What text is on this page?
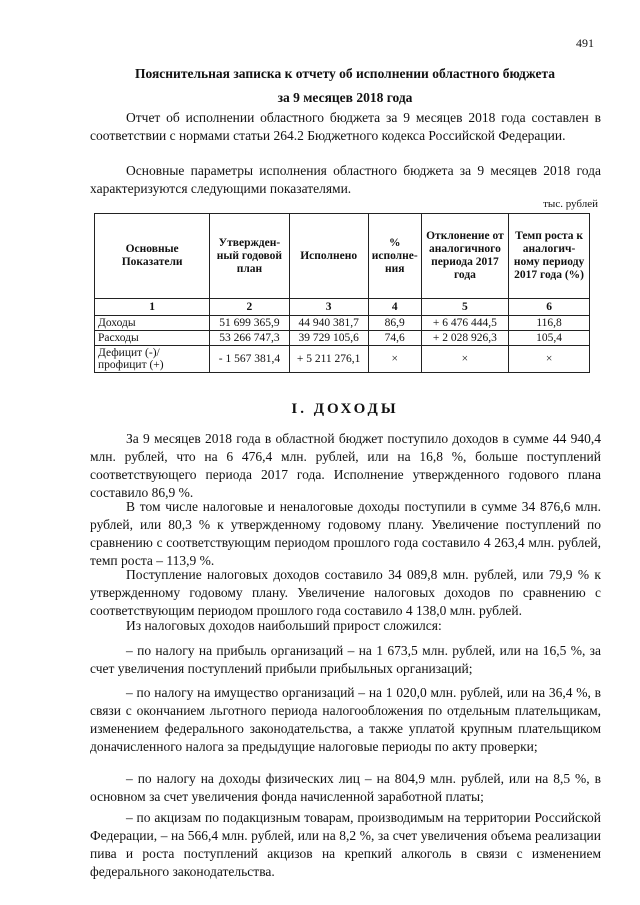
491
Пояснительная записка к отчету об исполнении областного бюджета
за 9 месяцев 2018 года

Отчет об исполнении областного бюджета за 9 месяцев 2018 года составлен в соответствии с нормами статьи 264.2 Бюджетного кодекса Российской Федерации.

Основные параметры исполнения областного бюджета за 9 месяцев 2018 года характеризуются следующими показателями.

тыс. рублей
Основные Показатели	Утвержден-ный годовой план	Исполнено	% исполне-ния	Отклонение от аналогичного периода 2017 года	Темп роста к аналогич-ному периоду 2017 года (%)
1	2	3	4	5	6
Доходы	51 699 365,9	44 940 381,7	86,9	+ 6 476 444,5	116,8
Расходы	53 266 747,3	39 729 105,6	74,6	+ 2 028 926,3	105,4
Дефицит (-)/ профицит (+)	- 1 567 381,4	+ 5 211 276,1	×	×	×
I. ДОХОДЫ

За 9 месяцев 2018 года в областной бюджет поступило доходов в сумме 44 940,4 млн. рублей, что на 6 476,4 млн. рублей, или на 16,8 %, больше поступлений соответствующего периода 2017 года. Исполнение утвержденного годового плана составило 86,9 %.

В том числе налоговые и неналоговые доходы поступили в сумме 34 876,6 млн. рублей, или 80,3 % к утвержденному годовому плану. Увеличение поступлений по сравнению с соответствующим периодом прошлого года составило 4 263,4 млн. рублей, темп роста – 113,9 %.

Поступление налоговых доходов составило 34 089,8 млн. рублей, или 79,9 % к утвержденному годовому плану. Увеличение налоговых доходов по сравнению с соответствующим периодом прошлого года составило 4 138,0 млн. рублей.

Из налоговых доходов наибольший прирост сложился:

– по налогу на прибыль организаций – на 1 673,5 млн. рублей, или на 16,5 %, за счет увеличения поступлений прибыли прибыльных организаций;

– по налогу на имущество организаций – на 1 020,0 млн. рублей, или на 36,4 %, в связи с окончанием льготного периода налогообложения по отдельным плательщикам, изменением федерального законодательства, а также уплатой крупным плательщиком доначисленного налога за предыдущие налоговые периоды по акту проверки;

– по налогу на доходы физических лиц – на 804,9 млн. рублей, или на 8,5 %, в основном за счет увеличения фонда начисленной заработной платы;

– по акцизам по подакцизным товарам, производимым на территории Российской Федерации, – на 566,4 млн. рублей, или на 8,2 %, за счет увеличения объема реализации пива и роста поступлений акцизов на крепкий алкоголь в связи с изменением федерального законодательства.
